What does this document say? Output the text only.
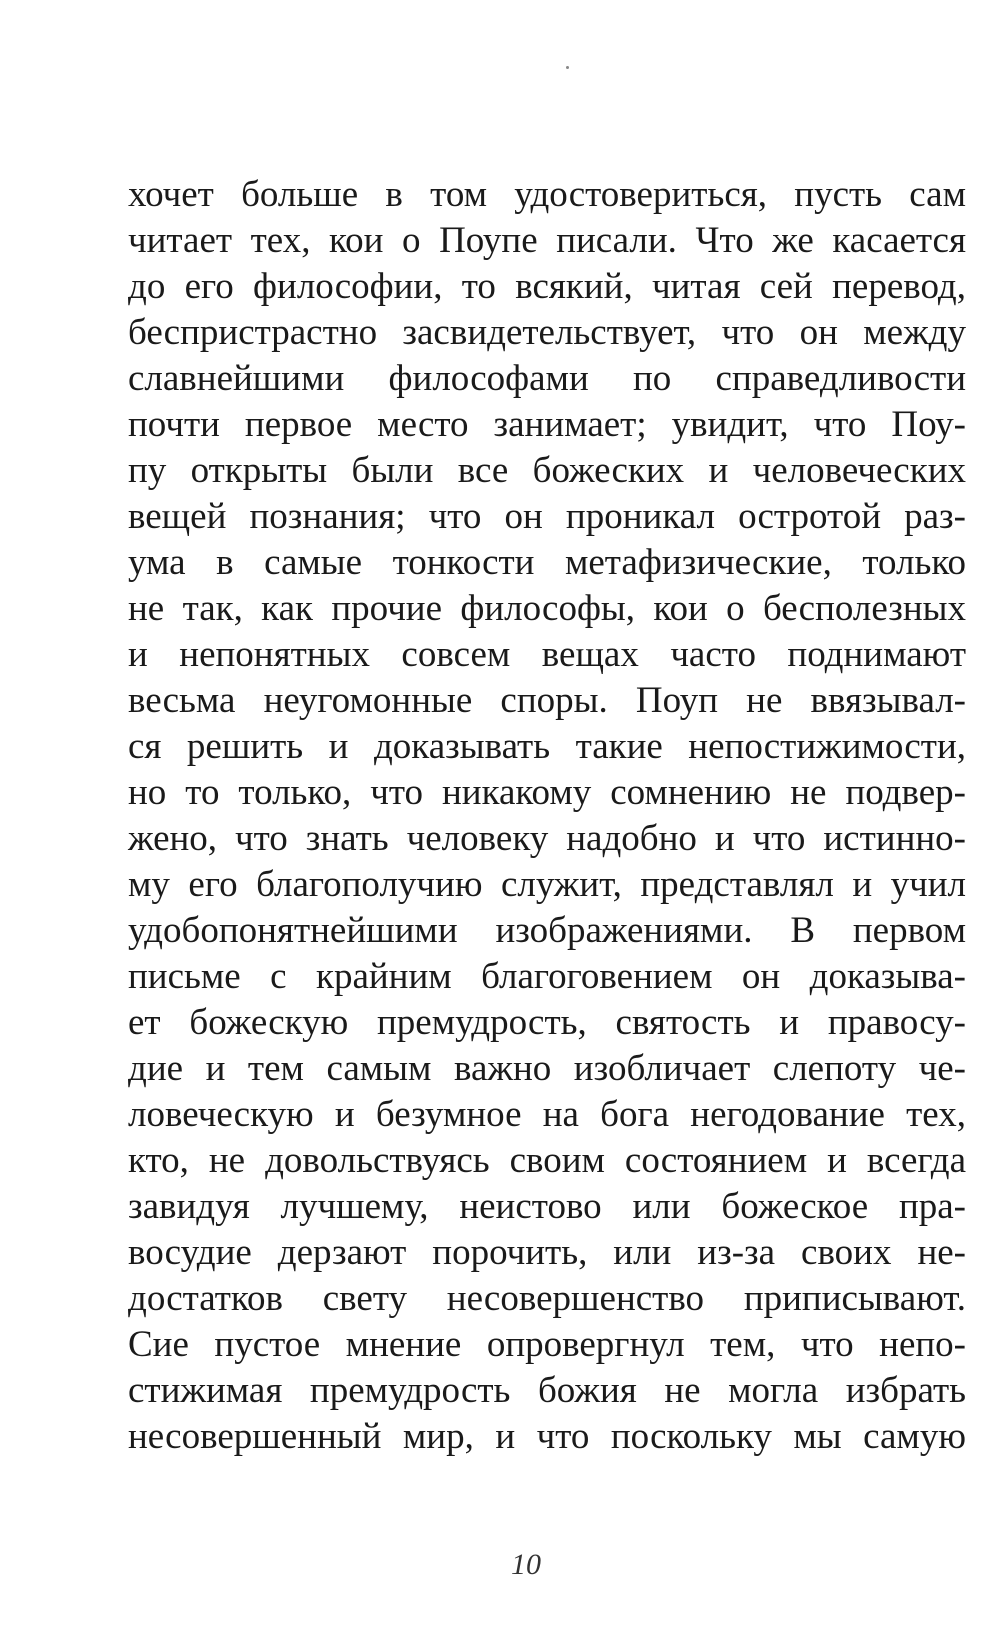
хочет больше в том удостовериться, пусть сам
читает тех, кои о Поупе писали. Что же касается
до его философии, то всякий, читая сей перевод,
беспристрастно засвидетельствует, что он между
славнейшими философами по справедливости
почти первое место занимает; увидит, что Поу-
пу открыты были все божеских и человеческих
вещей познания; что он проникал остротой раз-
ума в самые тонкости метафизические, только
не так, как прочие философы, кои о бесполезных
и непонятных совсем вещах часто поднимают
весьма неугомонные споры. Поуп не ввязывал-
ся решить и доказывать такие непостижимости,
но то только, что никакому сомнению не подвер-
жено, что знать человеку надобно и что истинно-
му его благополучию служит, представлял и учил
удобопонятнейшими изображениями. В первом
письме с крайним благоговением он доказыва-
ет божескую премудрость, святость и правосу-
дие и тем самым важно изобличает слепоту че-
ловеческую и безумное на бога негодование тех,
кто, не довольствуясь своим состоянием и всегда
завидуя лучшему, неистово или божеское пра-
восудие дерзают порочить, или из-за своих не-
достатков свету несовершенство приписывают.
Сие пустое мнение опровергнул тем, что непо-
стижимая премудрость божия не могла избрать
несовершенный мир, и что поскольку мы самую
10
